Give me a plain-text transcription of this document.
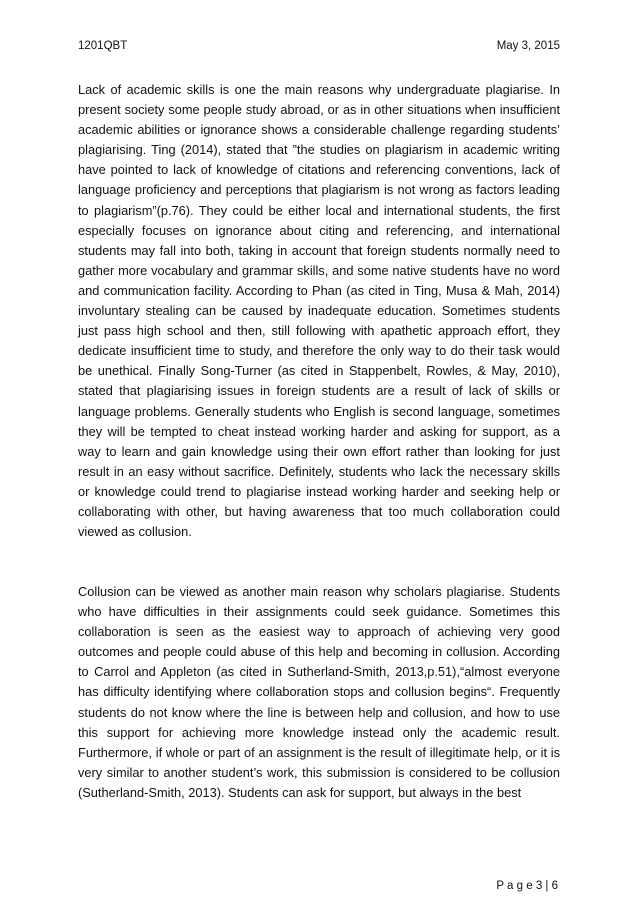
1201QBT	May 3, 2015

Lack of academic skills is one the main reasons why undergraduate plagiarise. In present society some people study abroad, or as in other situations when insufficient academic abilities or ignorance shows a considerable challenge regarding students’ plagiarising. Ting (2014), stated that ”the studies on plagiarism in academic writing have pointed to lack of knowledge of citations and referencing conventions, lack of language proficiency and perceptions that plagiarism is not wrong as factors leading to plagiarism”(p.76). They could be either local and international students, the first especially focuses on ignorance about citing and referencing, and international students may fall into both, taking in account that foreign students normally need to gather more vocabulary and grammar skills, and some native students have no word and communication facility. According to Phan (as cited in Ting, Musa & Mah, 2014) involuntary stealing can be caused by inadequate education. Sometimes students just pass high school and then, still following with apathetic approach effort, they dedicate insufficient time to study, and therefore the only way to do their task would be unethical. Finally Song-Turner (as cited in Stappenbelt, Rowles, & May, 2010), stated that plagiarising issues in foreign students are a result of lack of skills or language problems. Generally students who English is second language, sometimes they will be tempted to cheat instead working harder and asking for support, as a way to learn and gain knowledge using their own effort rather than looking for just result in an easy without sacrifice. Definitely, students who lack the necessary skills or knowledge could trend to plagiarise instead working harder and seeking help or collaborating with other, but having awareness that too much collaboration could viewed as collusion.

Collusion can be viewed as another main reason why scholars plagiarise. Students who have difficulties in their assignments could seek guidance. Sometimes this collaboration is seen as the easiest way to approach of achieving very good outcomes and people could abuse of this help and becoming in collusion. According to Carrol and Appleton (as cited in Sutherland-Smith, 2013,p.51),“almost everyone has difficulty identifying where collaboration stops and collusion begins“. Frequently students do not know where the line is between help and collusion, and how to use this support for achieving more knowledge instead only the academic result. Furthermore, if whole or part of an assignment is the result of illegitimate help, or it is very similar to another student’s work, this submission is considered to be collusion (Sutherland-Smith, 2013). Students can ask for support, but always in the best

P a g e 3 | 6
